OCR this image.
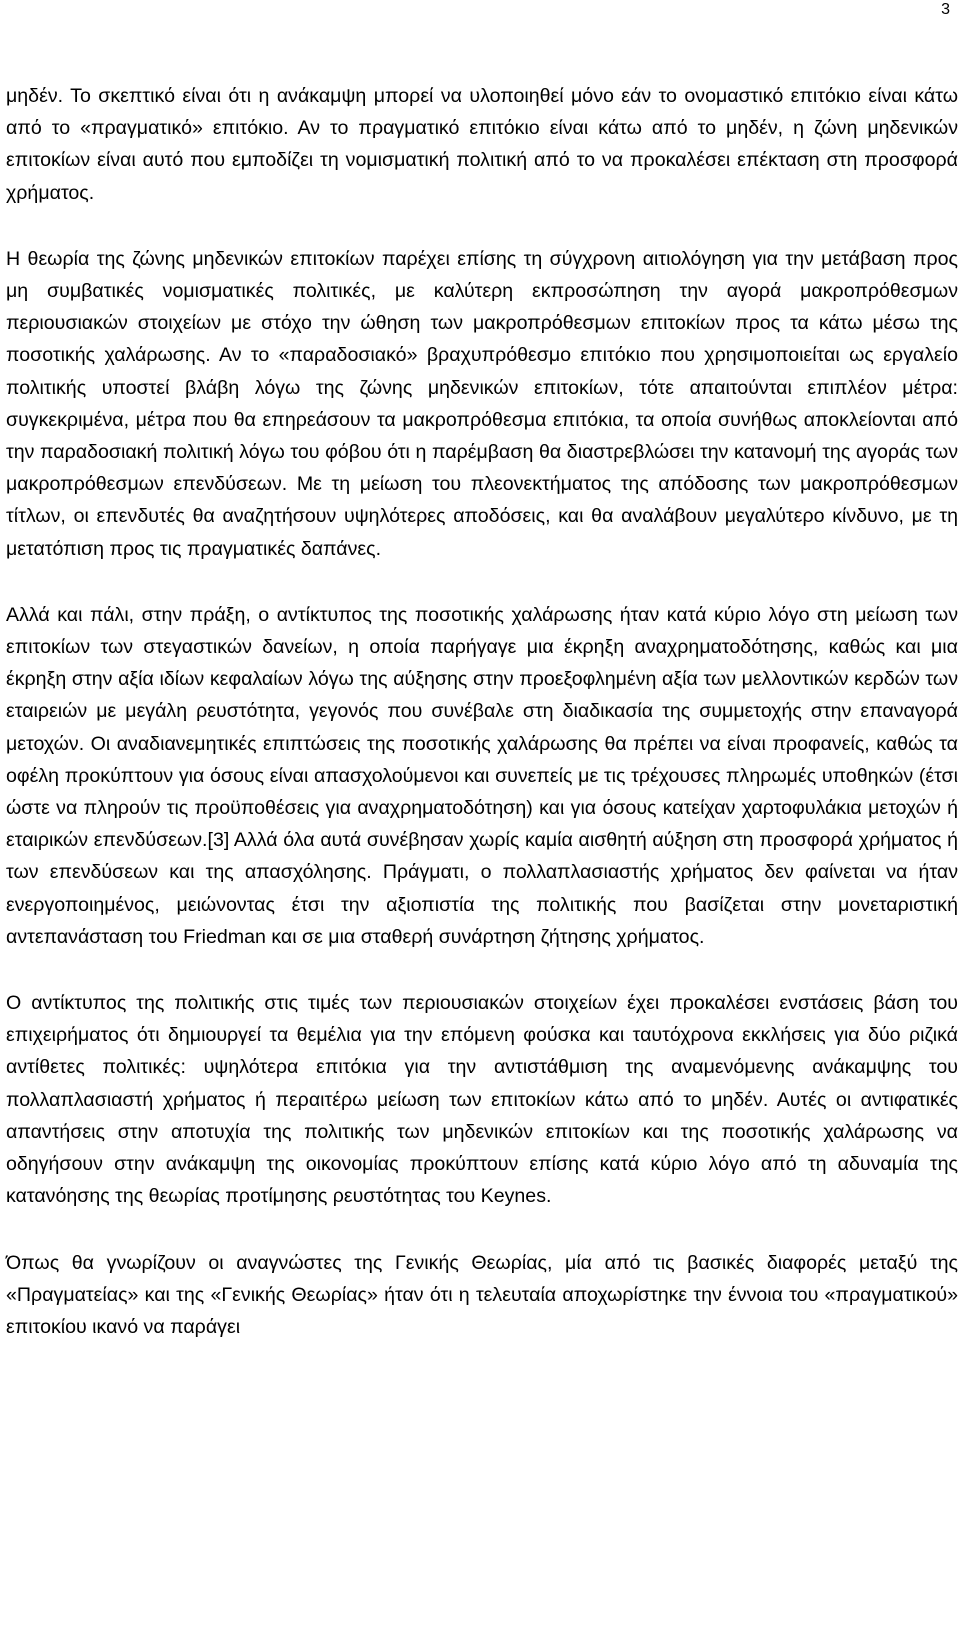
3

μηδέν. Το σκεπτικό είναι ότι η ανάκαμψη μπορεί να υλοποιηθεί μόνο εάν το ονομαστικό επιτόκιο είναι κάτω από το «πραγματικό» επιτόκιο. Αν το πραγματικό επιτόκιο είναι κάτω από το μηδέν, η ζώνη μηδενικών επιτοκίων είναι αυτό που εμποδίζει τη νομισματική πολιτική από το να προκαλέσει επέκταση στη προσφορά χρήματος.

Η θεωρία της ζώνης μηδενικών επιτοκίων παρέχει επίσης τη σύγχρονη αιτιολόγηση για την μετάβαση προς μη συμβατικές νομισματικές πολιτικές, με καλύτερη εκπροσώπηση την αγορά μακροπρόθεσμων περιουσιακών στοιχείων με στόχο την ώθηση των μακροπρόθεσμων επιτοκίων προς τα κάτω μέσω της ποσοτικής χαλάρωσης. Αν το «παραδοσιακό» βραχυπρόθεσμο επιτόκιο που χρησιμοποιείται ως εργαλείο πολιτικής υποστεί βλάβη λόγω της ζώνης μηδενικών επιτοκίων, τότε απαιτούνται επιπλέον μέτρα: συγκεκριμένα, μέτρα που θα επηρεάσουν τα μακροπρόθεσμα επιτόκια, τα οποία συνήθως αποκλείονται από την παραδοσιακή πολιτική λόγω του φόβου ότι η παρέμβαση θα διαστρεβλώσει την κατανομή της αγοράς των μακροπρόθεσμων επενδύσεων. Με τη μείωση του πλεονεκτήματος της απόδοσης των μακροπρόθεσμων τίτλων, οι επενδυτές θα αναζητήσουν υψηλότερες αποδόσεις, και θα αναλάβουν μεγαλύτερο κίνδυνο, με τη μετατόπιση προς τις πραγματικές δαπάνες.

Αλλά και πάλι, στην πράξη, ο αντίκτυπος της ποσοτικής χαλάρωσης ήταν κατά κύριο λόγο στη μείωση των επιτοκίων των στεγαστικών δανείων, η οποία παρήγαγε μια έκρηξη αναχρηματοδότησης, καθώς και μια έκρηξη στην αξία ιδίων κεφαλαίων λόγω της αύξησης στην προεξοφλημένη αξία των μελλοντικών κερδών των εταιρειών με μεγάλη ρευστότητα, γεγονός που συνέβαλε στη διαδικασία της συμμετοχής στην επαναγορά μετοχών. Οι αναδιανεμητικές επιπτώσεις της ποσοτικής χαλάρωσης θα πρέπει να είναι προφανείς, καθώς τα οφέλη προκύπτουν για όσους είναι απασχολούμενοι και συνεπείς με τις τρέχουσες πληρωμές υποθηκών (έτσι ώστε να πληρούν τις προϋποθέσεις για αναχρηματοδότηση) και για όσους κατείχαν χαρτοφυλάκια μετοχών ή εταιρικών επενδύσεων.[3] Αλλά όλα αυτά συνέβησαν χωρίς καμία αισθητή αύξηση στη προσφορά χρήματος ή των επενδύσεων και της απασχόλησης. Πράγματι, ο πολλαπλασιαστής χρήματος δεν φαίνεται να ήταν ενεργοποιημένος, μειώνοντας έτσι την αξιοπιστία της πολιτικής που βασίζεται στην μονεταριστική αντεπανάσταση του Friedman και σε μια σταθερή συνάρτηση ζήτησης χρήματος.

Ο αντίκτυπος της πολιτικής στις τιμές των περιουσιακών στοιχείων έχει προκαλέσει ενστάσεις βάση του επιχειρήματος ότι δημιουργεί τα θεμέλια για την επόμενη φούσκα και ταυτόχρονα εκκλήσεις για δύο ριζικά αντίθετες πολιτικές: υψηλότερα επιτόκια για την αντιστάθμιση της αναμενόμενης ανάκαμψης του πολλαπλασιαστή χρήματος ή περαιτέρω μείωση των επιτοκίων κάτω από το μηδέν. Αυτές οι αντιφατικές απαντήσεις στην αποτυχία της πολιτικής των μηδενικών επιτοκίων και της ποσοτικής χαλάρωσης να οδηγήσουν στην ανάκαμψη της οικονομίας προκύπτουν επίσης κατά κύριο λόγο από τη αδυναμία της κατανόησης της θεωρίας προτίμησης ρευστότητας του Keynes.

Όπως θα γνωρίζουν οι αναγνώστες της Γενικής Θεωρίας, μία από τις βασικές διαφορές μεταξύ της «Πραγματείας» και της «Γενικής Θεωρίας» ήταν ότι η τελευταία αποχωρίστηκε την έννοια του «πραγματικού» επιτοκίου ικανό να παράγει
